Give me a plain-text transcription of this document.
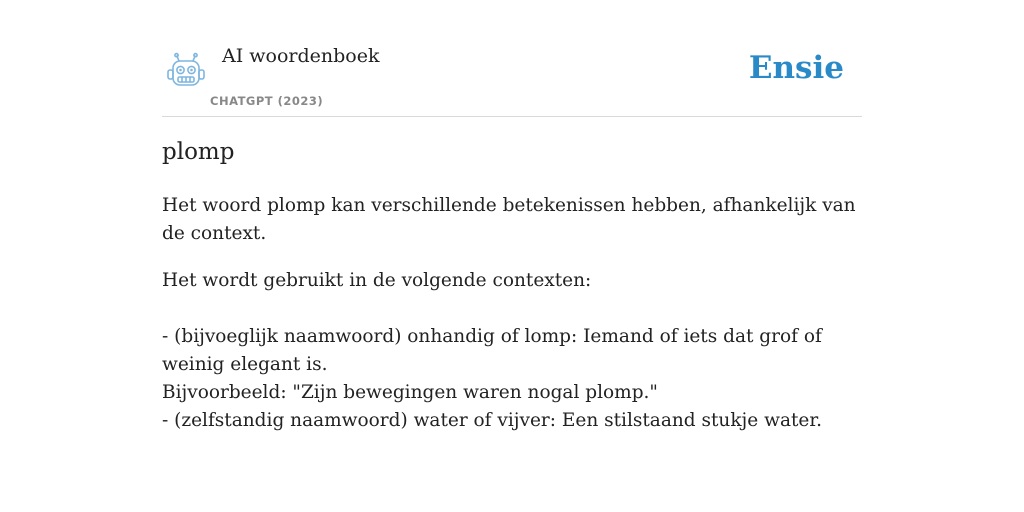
AI woordenboek
CHATGPT (2023)
Ensie
plomp

Het woord plomp kan verschillende betekenissen hebben, afhankelijk van de context.

Het wordt gebruikt in de volgende contexten:

- (bijvoeglijk naamwoord) onhandig of lomp: Iemand of iets dat grof of weinig elegant is.

Bijvoorbeeld: "Zijn bewegingen waren nogal plomp."

- (zelfstandig naamwoord) water of vijver: Een stilstaand stukje water.
